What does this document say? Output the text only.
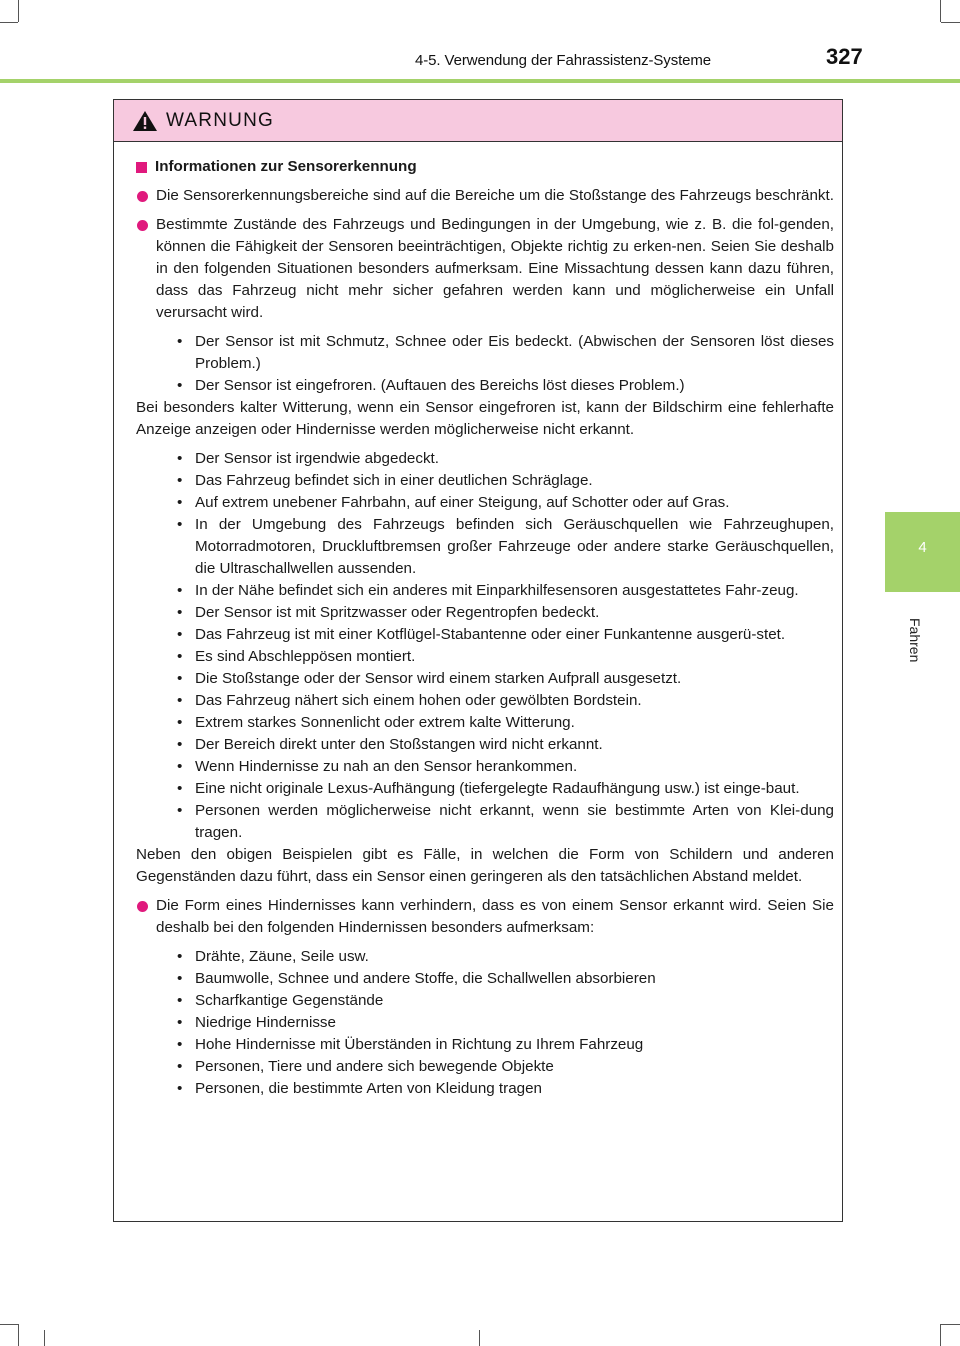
4-5. Verwendung der Fahrassistenz-Systeme	327
4
Fahren
WARNUNG
Informationen zur Sensorerkennung
Die Sensorerkennungsbereiche sind auf die Bereiche um die Stoßstange des Fahrzeugs beschränkt.
Bestimmte Zustände des Fahrzeugs und Bedingungen in der Umgebung, wie z. B. die fol-genden, können die Fähigkeit der Sensoren beeinträchtigen, Objekte richtig zu erken-nen. Seien Sie deshalb in den folgenden Situationen besonders aufmerksam. Eine Missachtung dessen kann dazu führen, dass das Fahrzeug nicht mehr sicher gefahren werden kann und möglicherweise ein Unfall verursacht wird.
• Der Sensor ist mit Schmutz, Schnee oder Eis bedeckt. (Abwischen der Sensoren löst dieses Problem.)
• Der Sensor ist eingefroren. (Auftauen des Bereichs löst dieses Problem.)
Bei besonders kalter Witterung, wenn ein Sensor eingefroren ist, kann der Bildschirm eine fehlerhafte Anzeige anzeigen oder Hindernisse werden möglicherweise nicht erkannt.
• Der Sensor ist irgendwie abgedeckt.
• Das Fahrzeug befindet sich in einer deutlichen Schräglage.
• Auf extrem unebener Fahrbahn, auf einer Steigung, auf Schotter oder auf Gras.
• In der Umgebung des Fahrzeugs befinden sich Geräuschquellen wie Fahrzeughupen, Motorradmotoren, Druckluftbremsen großer Fahrzeuge oder andere starke Geräuschquellen, die Ultraschallwellen aussenden.
• In der Nähe befindet sich ein anderes mit Einparkhilfesensoren ausgestattetes Fahr-zeug.
• Der Sensor ist mit Spritzwasser oder Regentropfen bedeckt.
• Das Fahrzeug ist mit einer Kotflügel-Stabantenne oder einer Funkantenne ausgerü-stet.
• Es sind Abschleppösen montiert.
• Die Stoßstange oder der Sensor wird einem starken Aufprall ausgesetzt.
• Das Fahrzeug nähert sich einem hohen oder gewölbten Bordstein.
• Extrem starkes Sonnenlicht oder extrem kalte Witterung.
• Der Bereich direkt unter den Stoßstangen wird nicht erkannt.
• Wenn Hindernisse zu nah an den Sensor herankommen.
• Eine nicht originale Lexus-Aufhängung (tiefergelegte Radaufhängung usw.) ist einge-baut.
• Personen werden möglicherweise nicht erkannt, wenn sie bestimmte Arten von Klei-dung tragen.
Neben den obigen Beispielen gibt es Fälle, in welchen die Form von Schildern und anderen Gegenständen dazu führt, dass ein Sensor einen geringeren als den tatsächlichen Abstand meldet.
Die Form eines Hindernisses kann verhindern, dass es von einem Sensor erkannt wird. Seien Sie deshalb bei den folgenden Hindernissen besonders aufmerksam:
• Drähte, Zäune, Seile usw.
• Baumwolle, Schnee und andere Stoffe, die Schallwellen absorbieren
• Scharfkantige Gegenstände
• Niedrige Hindernisse
• Hohe Hindernisse mit Überständen in Richtung zu Ihrem Fahrzeug
• Personen, Tiere und andere sich bewegende Objekte
• Personen, die bestimmte Arten von Kleidung tragen
